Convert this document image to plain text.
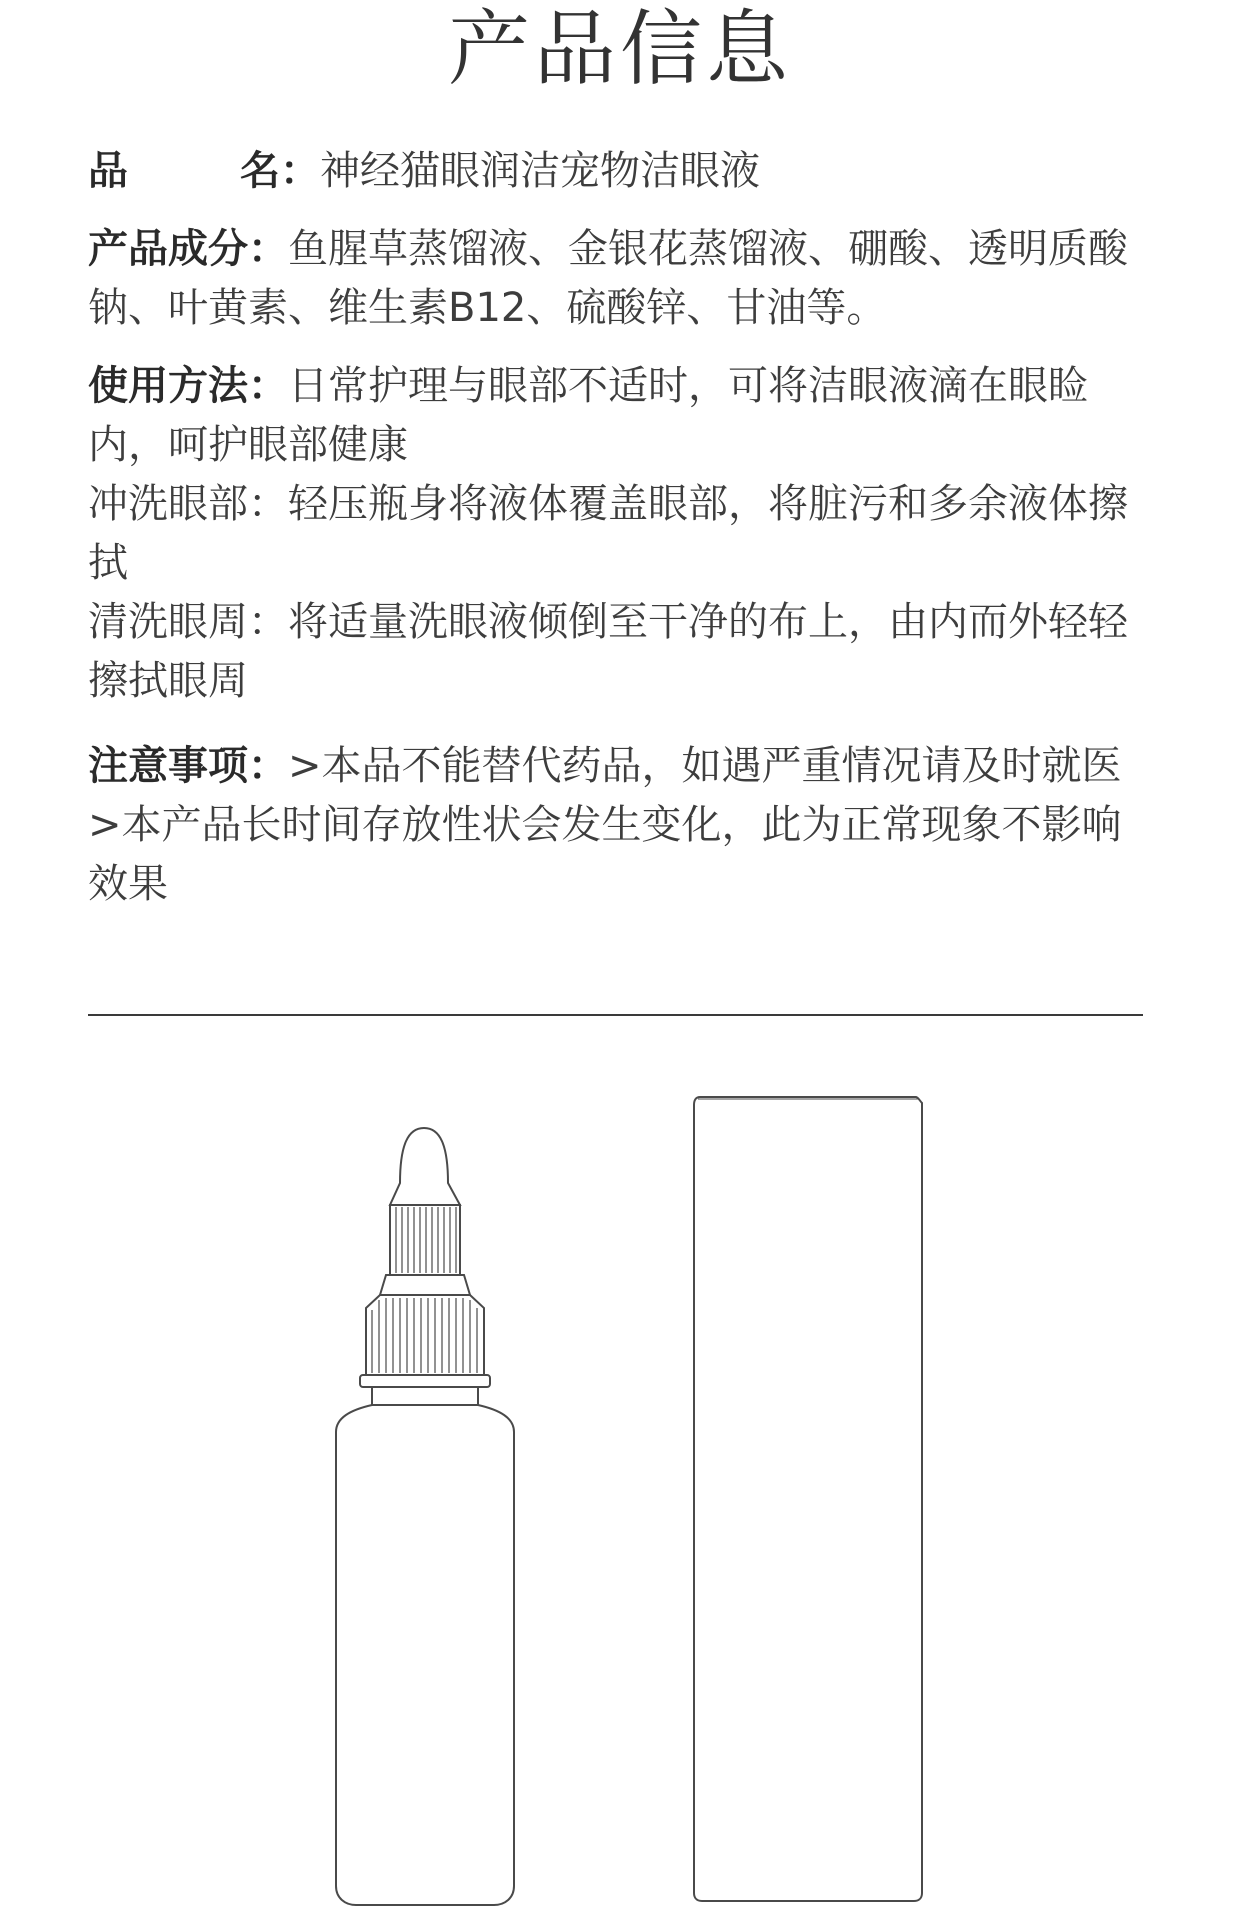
产品信息

品	名：神经猫眼润洁宠物洁眼液

产品成分：鱼腥草蒸馏液、金银花蒸馏液、硼酸、透明质酸钠、叶黄素、维生素B12、硫酸锌、甘油等。

使用方法：日常护理与眼部不适时，可将洁眼液滴在眼睑内，呵护眼部健康

冲洗眼部：轻压瓶身将液体覆盖眼部，将脏污和多余液体擦拭

清洗眼周：将适量洗眼液倾倒至干净的布上，由内而外轻轻擦拭眼周

注意事项：>本品不能替代药品，如遇严重情况请及时就医

>本产品长时间存放性状会发生变化，此为正常现象不影响效果
